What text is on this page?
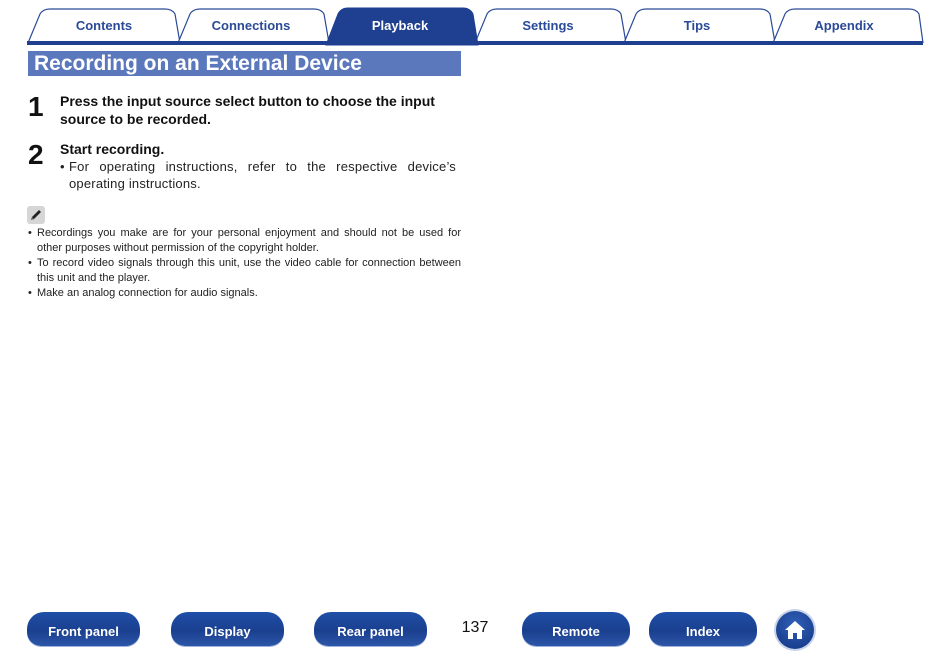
Contents	Connections	Playback	Settings	Tips	Appendix
Recording on an External Device
1 Press the input source select button to choose the input source to be recorded.
2 Start recording.
• For operating instructions, refer to the respective device’s operating instructions.
• Recordings you make are for your personal enjoyment and should not be used for other purposes without permission of the copyright holder.
• To record video signals through this unit, use the video cable for connection between this unit and the player.
• Make an analog connection for audio signals.
Front panel	Display	Rear panel	137	Remote	Index
